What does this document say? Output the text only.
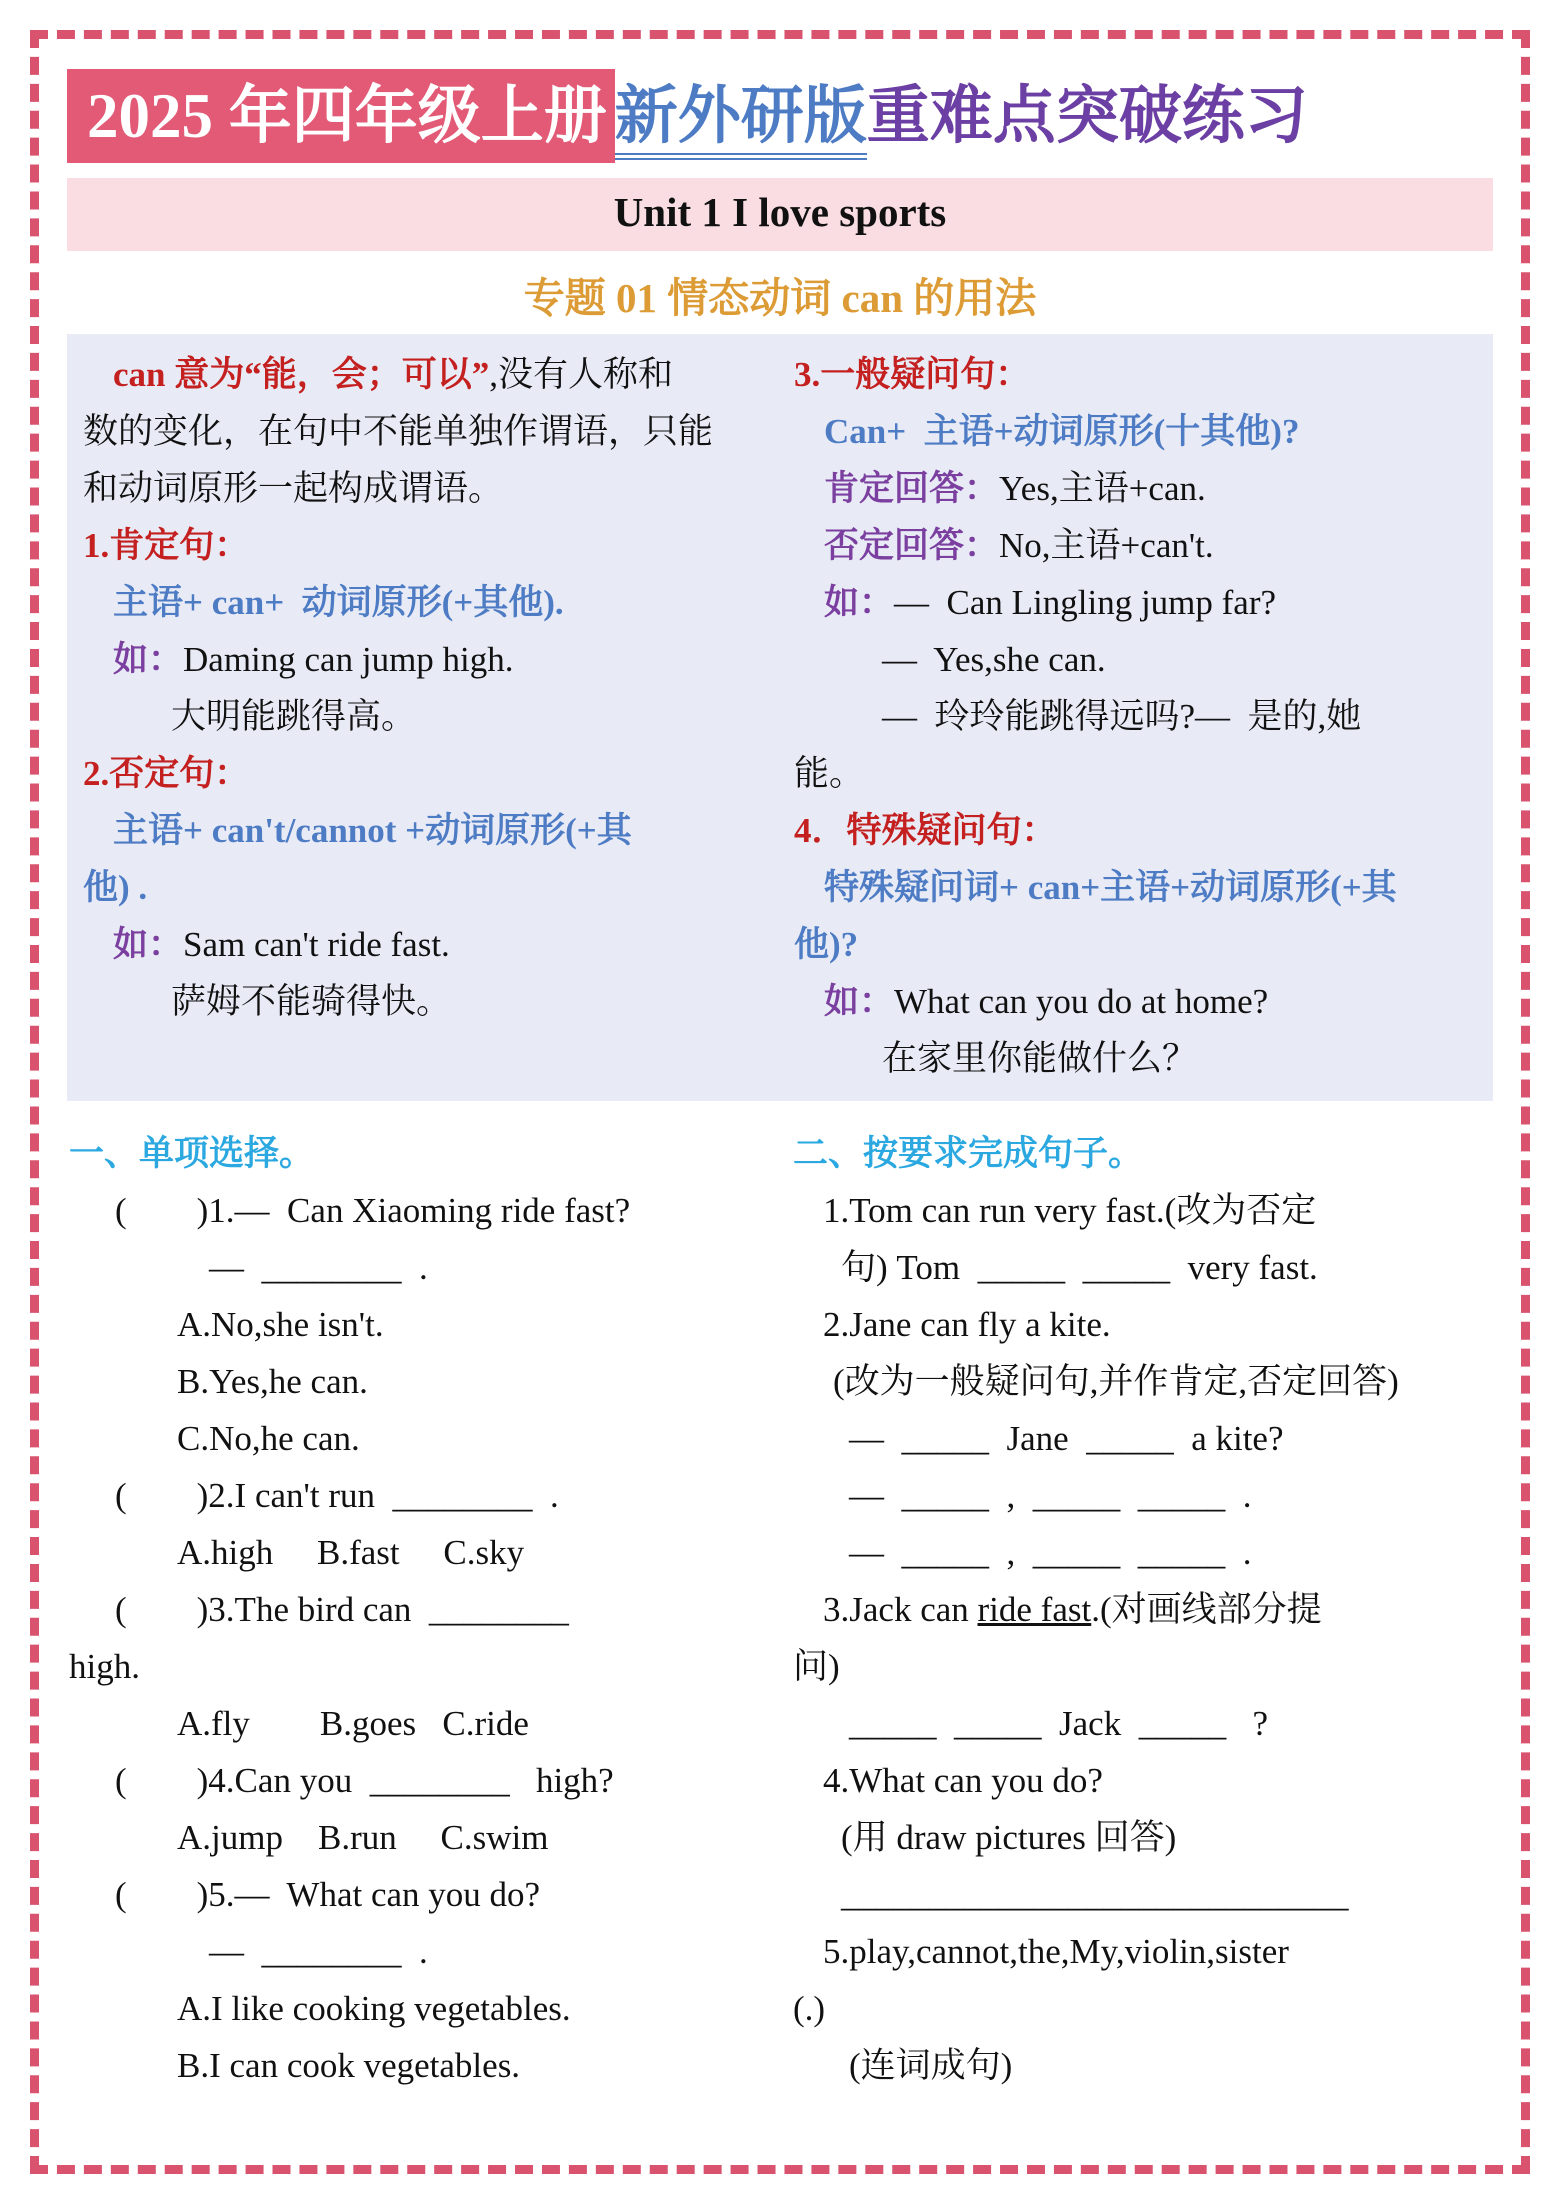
2025 年四年级上册 新外研版重难点突破练习
Unit 1 I love sports
专题 01 情态动词 can 的用法
can 意为“能，会；可以”,没有人称和
数的变化，在句中不能单独作谓语，只能
和动词原形一起构成谓语。
1.肯定句：
主语+ can+  动词原形(+其他).
如：Daming can jump high.
大明能跳得高。
2.否定句：
主语+ can't/cannot +动词原形(+其
他) .
如：Sam can't ride fast.
萨姆不能骑得快。
3.一般疑问句：
Can+  主语+动词原形(十其他)?
肯定回答：Yes,主语+can.
否定回答：No,主语+can't.
如：—  Can Lingling jump far?
—  Yes,she can.
—  玲玲能跳得远吗?—  是的,她
能。
4．特殊疑问句：
特殊疑问词+ can+主语+动词原形(+其
他)?
如：What can you do at home?
在家里你能做什么？
一、单项选择。
(        )1.—  Can Xiaoming ride fast?
—  ________  .
A.No,she isn't.
B.Yes,he can.
C.No,he can.
(        )2.I can't run  ________  .
A.high     B.fast     C.sky
(        )3.The bird can  ________
high.
A.fly        B.goes   C.ride
(        )4.Can you  ________   high?
A.jump    B.run     C.swim
(        )5.—  What can you do?
—  ________  .
A.I like cooking vegetables.
B.I can cook vegetables.
二、按要求完成句子。
1.Tom can run very fast.(改为否定
句) Tom  _____  _____  very fast.
2.Jane can fly a kite.
(改为一般疑问句,并作肯定,否定回答)
—  _____  Jane  _____  a kite?
—  _____  ,  _____  _____  .
—  _____  ,  _____  _____  .
3.Jack can ride fast.(对画线部分提
问)
_____  _____  Jack  _____   ?
4.What can you do?
(用 draw pictures 回答)
_____________________________
5.play,cannot,the,My,violin,sister
(.)
(连词成句)
